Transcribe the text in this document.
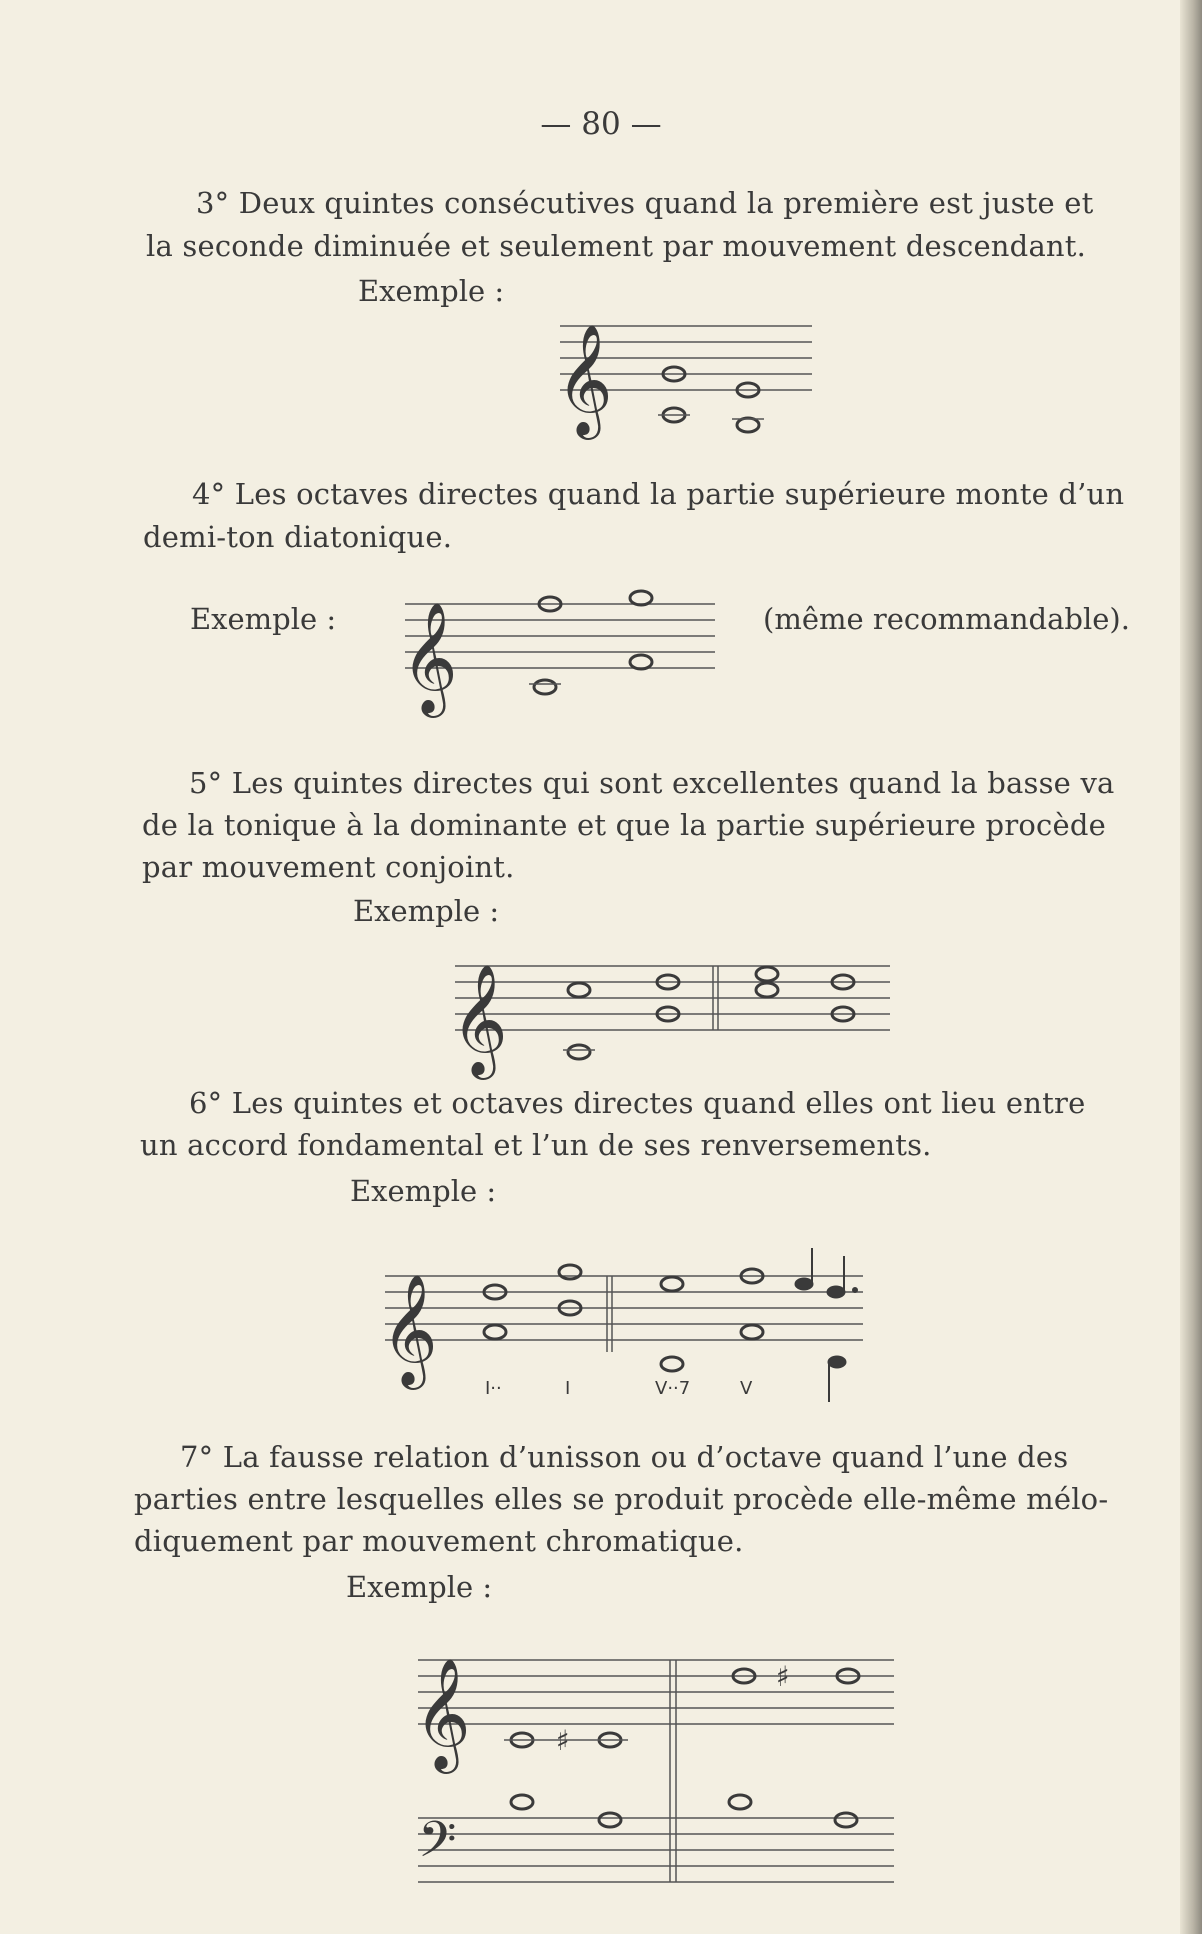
— 80 —
3° Deux quintes consécutives quand la première est juste et
la seconde diminuée et seulement par mouvement descendant.
Exemple :
𝄞
4° Les octaves directes quand la partie supérieure monte d’un
demi-ton diatonique.
Exemple :	(même recommandable).
𝄞
5° Les quintes directes qui sont excellentes quand la basse va
de la tonique à la dominante et que la partie supérieure procède
par mouvement conjoint.
Exemple :
𝄞
6° Les quintes et octaves directes quand elles ont lieu entre
un accord fondamental et l’un de ses renversements.
Exemple :
𝄞
I··	I	V··7	V
7° La fausse relation d’unisson ou d’octave quand l’une des
parties entre lesquelles elles se produit procède elle-même mélo-
diquement par mouvement chromatique.
Exemple :
𝄞
𝄢
♯
♯
